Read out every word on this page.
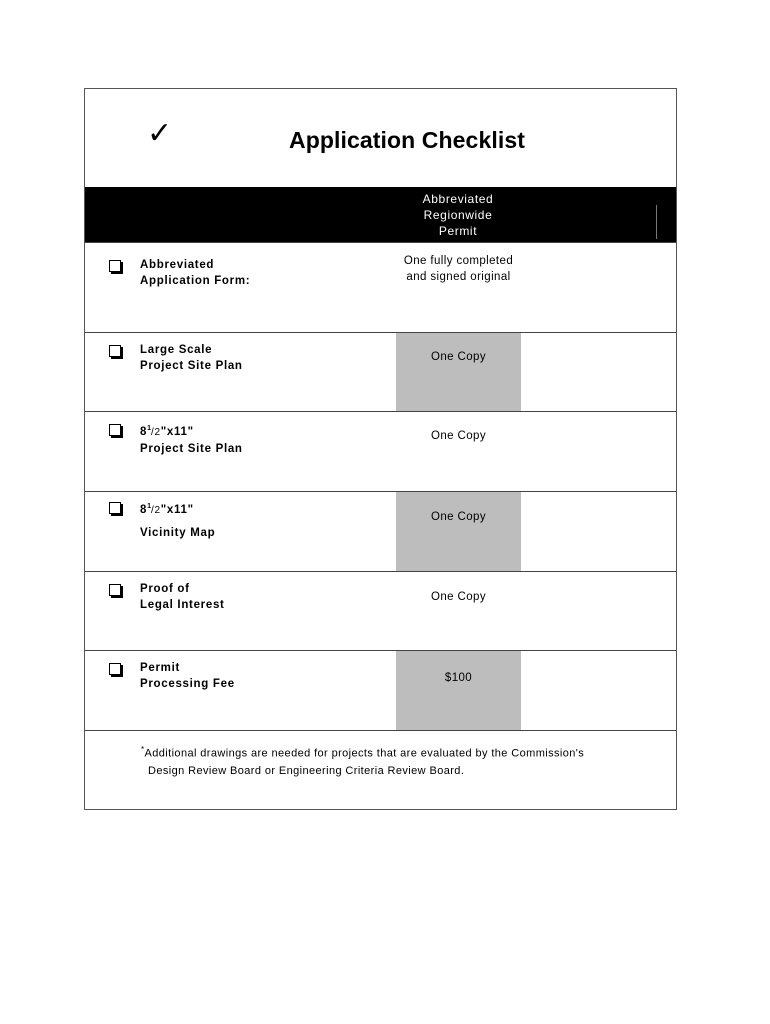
✓	Application Checklist
Abbreviated
Regionwide
Permit
Abbreviated
Application Form:
One fully completed
and signed original
Large Scale
Project Site Plan
One Copy
$8^1/2"x11$"
Project Site Plan
One Copy
$8^1/2"x11$"
Vicinity Map
One Copy
Proof of
Legal Interest
One Copy
Permit
Processing Fee	$100
*Additional drawings are needed for projects that are evaluated by the Commission's
Design Review Board or Engineering Criteria Review Board.
